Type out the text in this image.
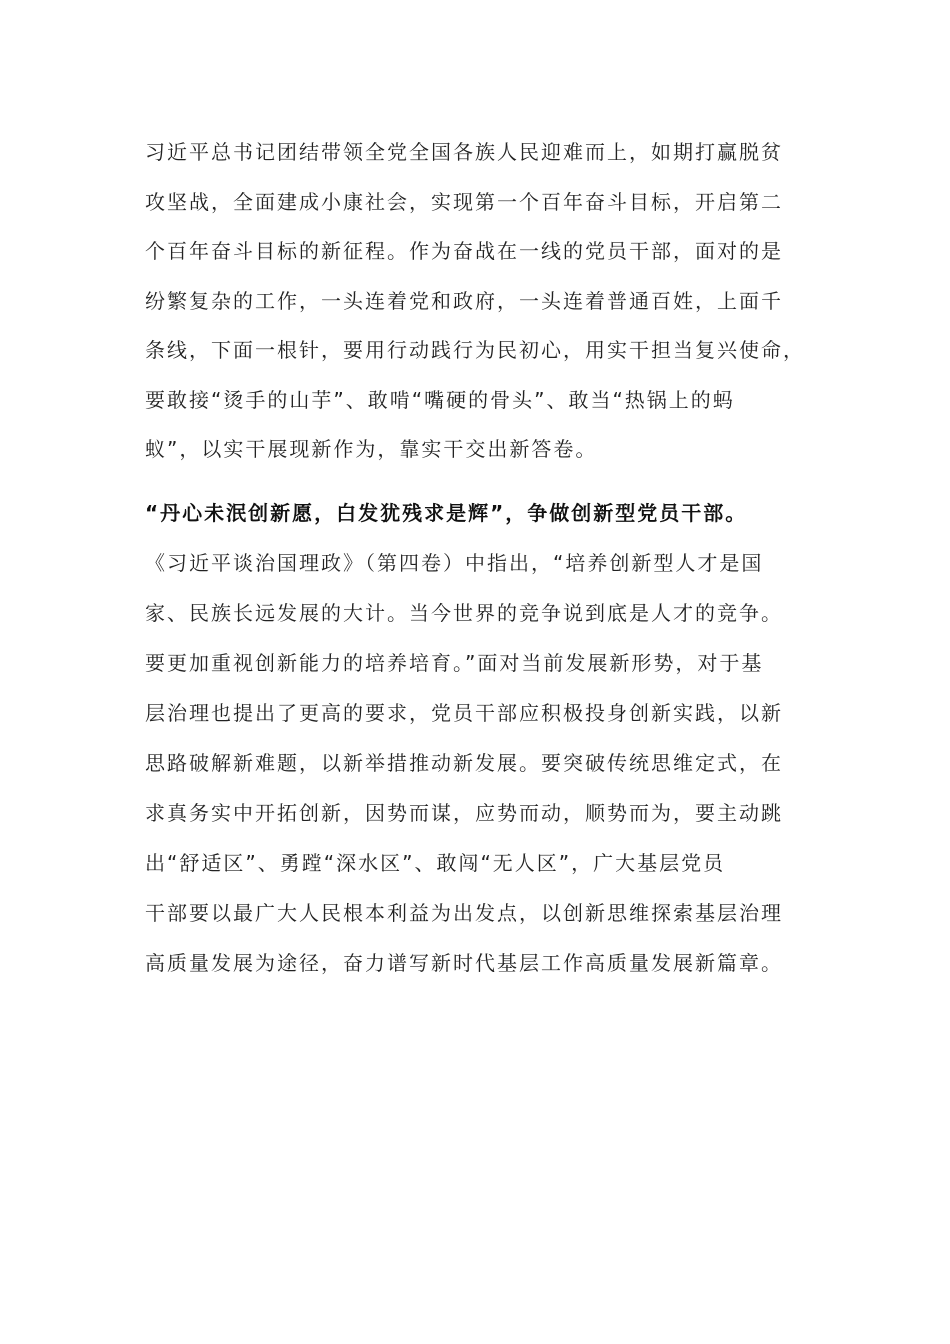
习近平总书记团结带领全党全国各族人民迎难而上，如期打赢脱贫
攻坚战，全面建成小康社会，实现第一个百年奋斗目标，开启第二
个百年奋斗目标的新征程。作为奋战在一线的党员干部，面对的是
纷繁复杂的工作，一头连着党和政府，一头连着普通百姓，上面千
条线，下面一根针，要用行动践行为民初心，用实干担当复兴使命，
要敢接“烫手的山芋”、敢啃“嘴硬的骨头”、敢当“热锅上的蚂
蚁”，以实干展现新作为，靠实干交出新答卷。
“丹心未泯创新愿，白发犹残求是辉”，争做创新型党员干部。
《习近平谈治国理政》（第四卷）中指出，“培养创新型人才是国
家、民族长远发展的大计。当今世界的竞争说到底是人才的竞争。
要更加重视创新能力的培养培育。”面对当前发展新形势，对于基
层治理也提出了更高的要求，党员干部应积极投身创新实践，以新
思路破解新难题，以新举措推动新发展。要突破传统思维定式，在
求真务实中开拓创新，因势而谋，应势而动，顺势而为，要主动跳
出“舒适区”、勇蹚“深水区”、敢闯“无人区”，广大基层党员
干部要以最广大人民根本利益为出发点，以创新思维探索基层治理
高质量发展为途径，奋力谱写新时代基层工作高质量发展新篇章。
